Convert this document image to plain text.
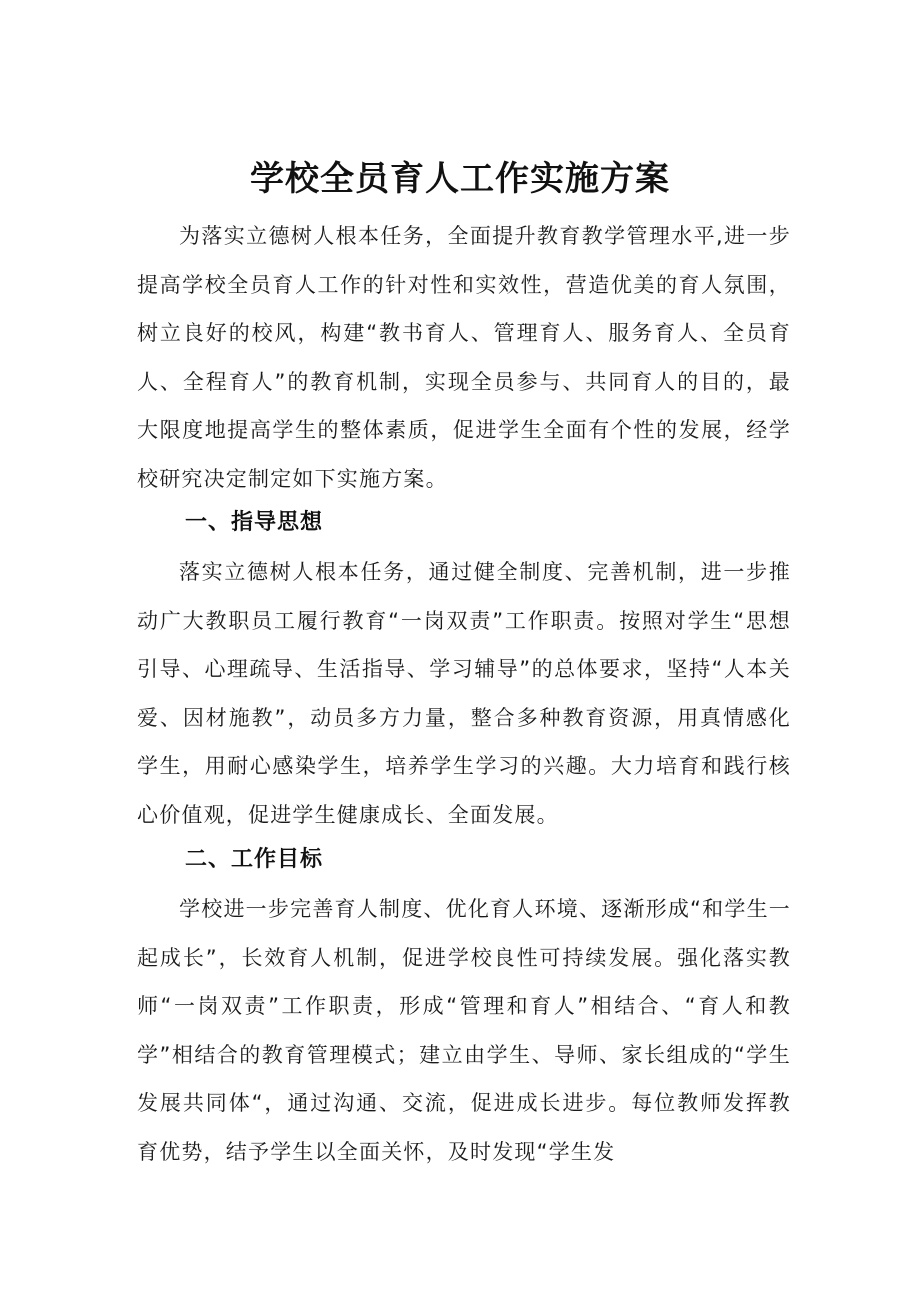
学校全员育人工作实施方案

为落实立德树人根本任务，全面提升教育教学管理水平,进一步提高学校全员育人工作的针对性和实效性，营造优美的育人氛围，树立良好的校风，构建“教书育人、管理育人、服务育人、全员育人、全程育人”的教育机制，实现全员参与、共同育人的目的，最大限度地提高学生的整体素质，促进学生全面有个性的发展，经学校研究决定制定如下实施方案。

一、指导思想

落实立德树人根本任务，通过健全制度、完善机制，进一步推动广大教职员工履行教育“一岗双责”工作职责。按照对学生“思想引导、心理疏导、生活指导、学习辅导”的总体要求，坚持“人本关爱、因材施教”，动员多方力量，整合多种教育资源，用真情感化学生，用耐心感染学生，培养学生学习的兴趣。大力培育和践行核心价值观，促进学生健康成长、全面发展。

二、工作目标

学校进一步完善育人制度、优化育人环境、逐渐形成“和学生一起成长”，长效育人机制，促进学校良性可持续发展。强化落实教师“一岗双责”工作职责，形成“管理和育人”相结合、“育人和教学”相结合的教育管理模式；建立由学生、导师、家长组成的“学生发展共同体“，通过沟通、交流，促进成长进步。每位教师发挥教育优势，结予学生以全面关怀，及时发现“学生发
